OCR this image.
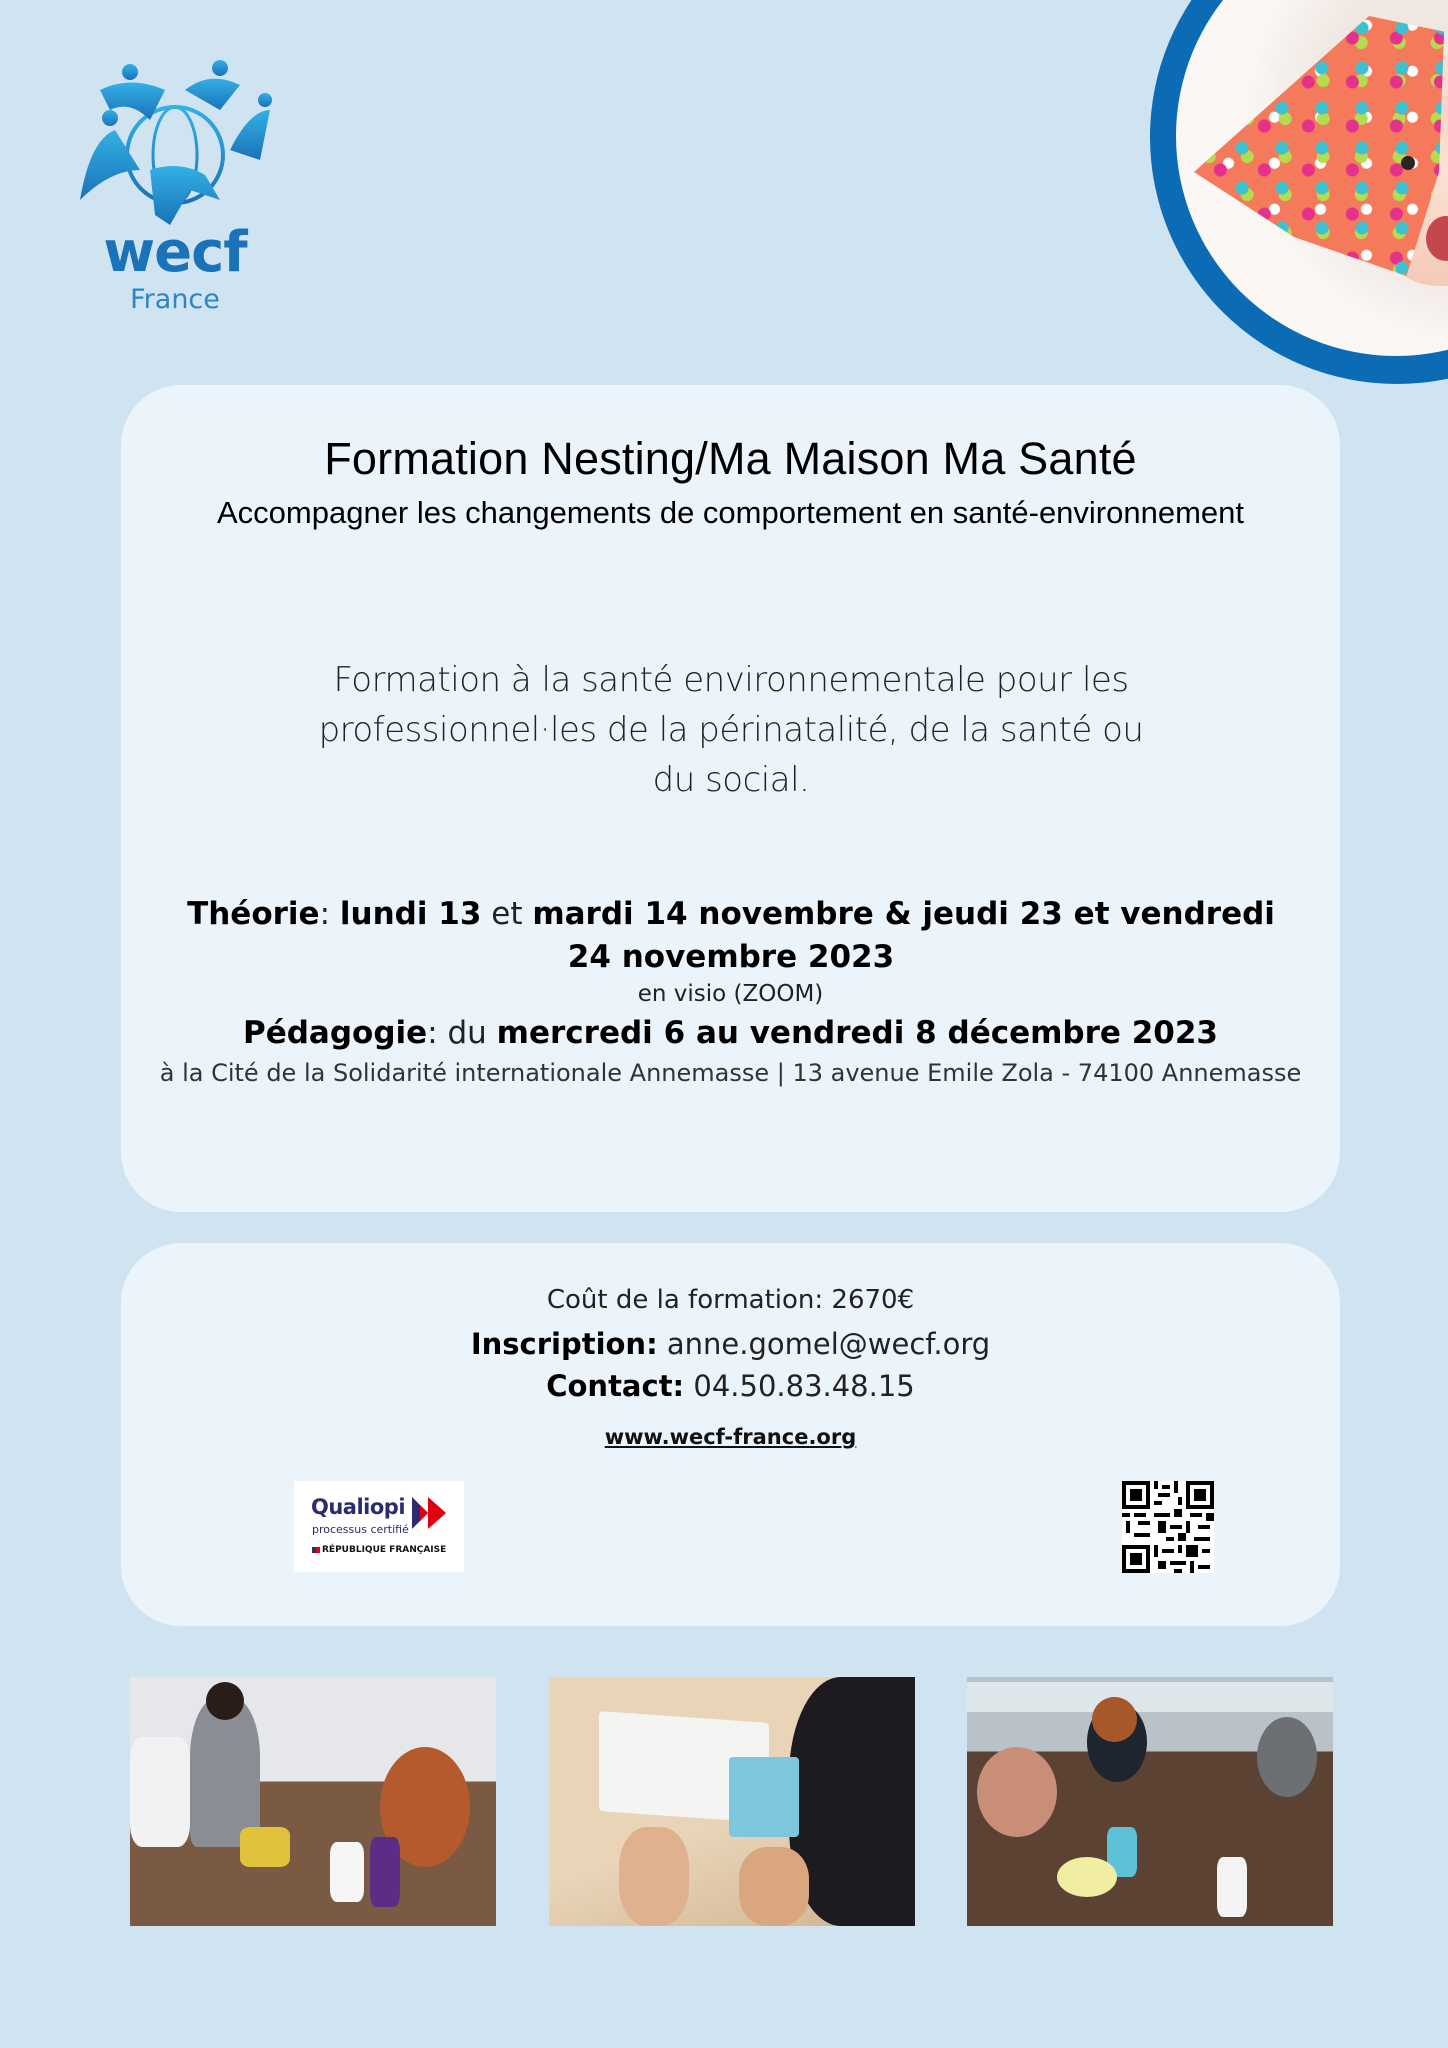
wecf
France
Formation Nesting/Ma Maison Ma Santé
Accompagner les changements de comportement en santé-environnement
Formation à la santé environnementale pour les
professionnel·les de la périnatalité, de la santé ou
du social.
Théorie: lundi 13 et mardi 14 novembre & jeudi 23 et vendredi 24 novembre 2023
en visio (ZOOM)
Pédagogie: du mercredi 6 au vendredi 8 décembre 2023
à la Cité de la Solidarité internationale Annemasse | 13 avenue Emile Zola - 74100 Annemasse
Coût de la formation: 2670€
Inscription: anne.gomel@wecf.org
Contact: 04.50.83.48.15
www.wecf-france.org
Qualiopi
processus certifié
RÉPUBLIQUE FRANÇAISE
